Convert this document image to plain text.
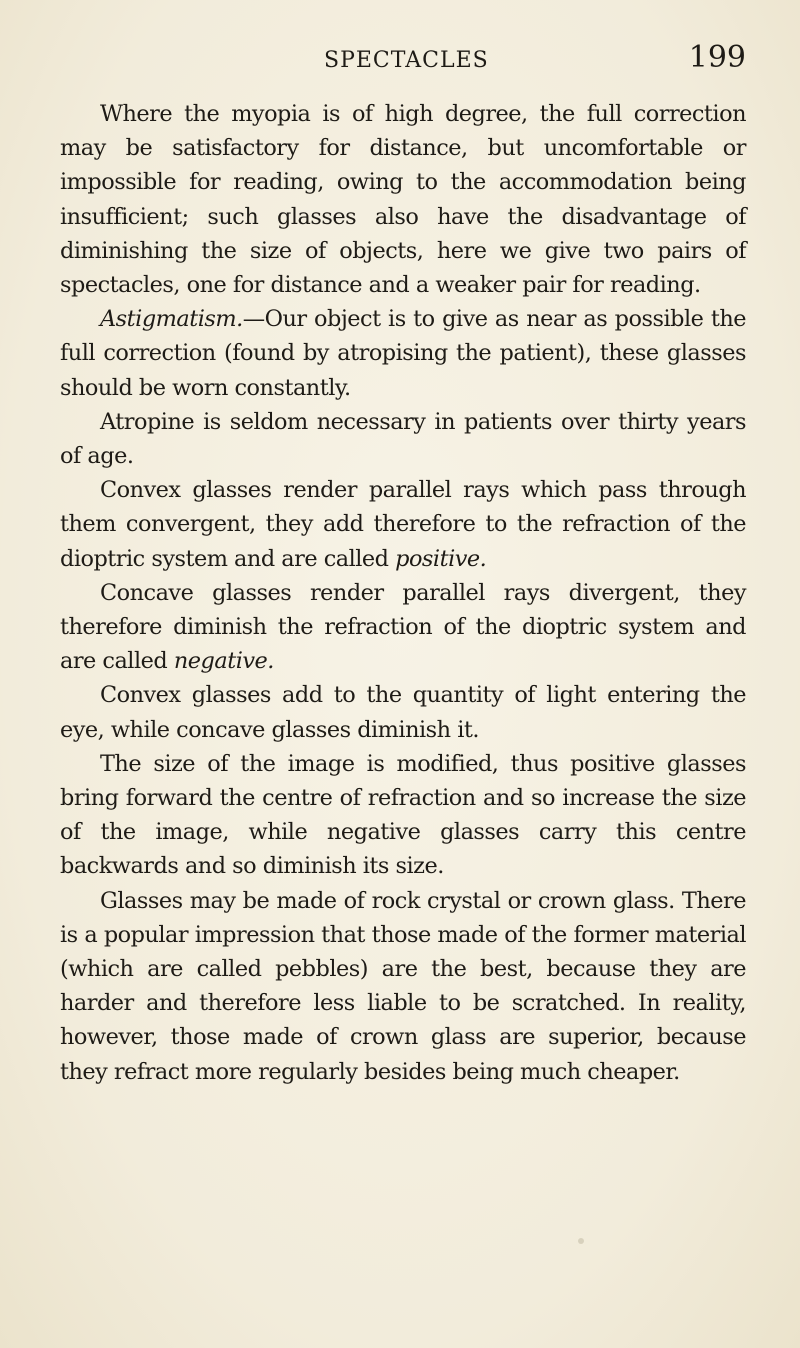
SPECTACLES	199

Where the myopia is of high degree, the full correction may be satisfactory for distance, but uncomfortable or impossible for reading, owing to the accommodation being insufficient; such glasses also have the disadvantage of diminishing the size of objects, here we give two pairs of spectacles, one for distance and a weaker pair for reading.

Astigmatism.—Our object is to give as near as possible the full correction (found by atropising the patient), these glasses should be worn constantly.

Atropine is seldom necessary in patients over thirty years of age.

Convex glasses render parallel rays which pass through them convergent, they add therefore to the refraction of the dioptric system and are called positive.

Concave glasses render parallel rays divergent, they therefore diminish the refraction of the dioptric system and are called negative.

Convex glasses add to the quantity of light entering the eye, while concave glasses diminish it.

The size of the image is modified, thus positive glasses bring forward the centre of refraction and so increase the size of the image, while negative glasses carry this centre backwards and so diminish its size.

Glasses may be made of rock crystal or crown glass. There is a popular impression that those made of the former material (which are called pebbles) are the best, because they are harder and therefore less liable to be scratched. In reality, however, those made of crown glass are superior, because they refract more regularly besides being much cheaper.
